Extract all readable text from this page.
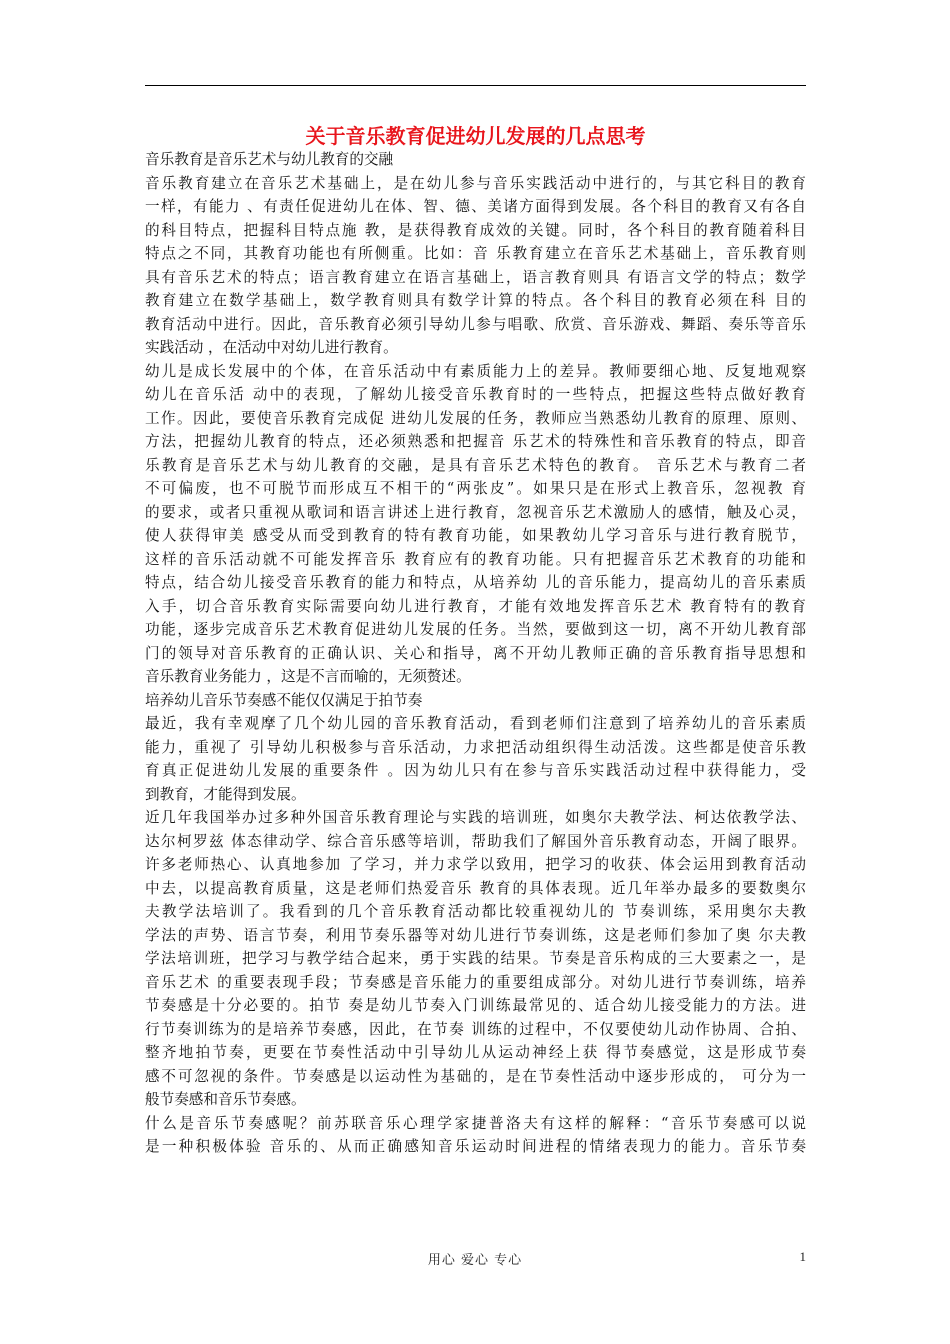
关于音乐教育促进幼儿发展的几点思考
音乐教育是音乐艺术与幼儿教育的交融
音乐教育建立在音乐艺术基础上，是在幼儿参与音乐实践活动中进行的，与其它科目的教育
一样，有能力 、有责任促进幼儿在体、智、德、美诸方面得到发展。各个科目的教育又有各自
的科目特点，把握科目特点施 教，是获得教育成效的关键。同时，各个科目的教育随着科目
特点之不同，其教育功能也有所侧重。比如：音 乐教育建立在音乐艺术基础上，音乐教育则
具有音乐艺术的特点；语言教育建立在语言基础上，语言教育则具 有语言文学的特点；数学
教育建立在数学基础上，数学教育则具有数学计算的特点。各个科目的教育必须在科 目的
教育活动中进行。因此，音乐教育必须引导幼儿参与唱歌、欣赏、音乐游戏、舞蹈、奏乐等音乐
实践活动 ，在活动中对幼儿进行教育。
幼儿是成长发展中的个体，在音乐活动中有素质能力上的差异。教师要细心地、反复地观察
幼儿在音乐活 动中的表现，了解幼儿接受音乐教育时的一些特点，把握这些特点做好教育
工作。因此，要使音乐教育完成促 进幼儿发展的任务，教师应当熟悉幼儿教育的原理、原则、
方法，把握幼儿教育的特点，还必须熟悉和把握音 乐艺术的特殊性和音乐教育的特点，即音
乐教育是音乐艺术与幼儿教育的交融，是具有音乐艺术特色的教育。 音乐艺术与教育二者
不可偏废，也不可脱节而形成互不相干的“两张皮”。如果只是在形式上教音乐，忽视教 育
的要求，或者只重视从歌词和语言讲述上进行教育，忽视音乐艺术激励人的感情，触及心灵，
使人获得审美 感受从而受到教育的特有教育功能，如果教幼儿学习音乐与进行教育脱节，
这样的音乐活动就不可能发挥音乐 教育应有的教育功能。只有把握音乐艺术教育的功能和
特点，结合幼儿接受音乐教育的能力和特点，从培养幼 儿的音乐能力，提高幼儿的音乐素质
入手，切合音乐教育实际需要向幼儿进行教育，才能有效地发挥音乐艺术 教育特有的教育
功能，逐步完成音乐艺术教育促进幼儿发展的任务。当然，要做到这一切，离不开幼儿教育部
门的领导对音乐教育的正确认识、关心和指导，离不开幼儿教师正确的音乐教育指导思想和
音乐教育业务能力 ，这是不言而喻的，无须赘述。
培养幼儿音乐节奏感不能仅仅满足于拍节奏
最近，我有幸观摩了几个幼儿园的音乐教育活动，看到老师们注意到了培养幼儿的音乐素质
能力，重视了 引导幼儿积极参与音乐活动，力求把活动组织得生动活泼。这些都是使音乐教
育真正促进幼儿发展的重要条件 。因为幼儿只有在参与音乐实践活动过程中获得能力，受
到教育，才能得到发展。
近几年我国举办过多种外国音乐教育理论与实践的培训班，如奥尔夫教学法、柯达依教学法、
达尔柯罗兹 体态律动学、综合音乐感等培训，帮助我们了解国外音乐教育动态，开阔了眼界。
许多老师热心、认真地参加 了学习，并力求学以致用，把学习的收获、体会运用到教育活动
中去，以提高教育质量，这是老师们热爱音乐 教育的具体表现。近几年举办最多的要数奥尔
夫教学法培训了。我看到的几个音乐教育活动都比较重视幼儿的 节奏训练，采用奥尔夫教
学法的声势、语言节奏，利用节奏乐器等对幼儿进行节奏训练，这是老师们参加了奥 尔夫教
学法培训班，把学习与教学结合起来，勇于实践的结果。节奏是音乐构成的三大要素之一，是
音乐艺术 的重要表现手段；节奏感是音乐能力的重要组成部分。对幼儿进行节奏训练，培养
节奏感是十分必要的。拍节 奏是幼儿节奏入门训练最常见的、适合幼儿接受能力的方法。进
行节奏训练为的是培养节奏感，因此，在节奏 训练的过程中，不仅要使幼儿动作协周、合拍、
整齐地拍节奏，更要在节奏性活动中引导幼儿从运动神经上获 得节奏感觉，这是形成节奏
感不可忽视的条件。节奏感是以运动性为基础的，是在节奏性活动中逐步形成的， 可分为一
般节奏感和音乐节奏感。
什么是音乐节奏感呢？前苏联音乐心理学家捷普洛夫有这样的解释：“音乐节奏感可以说
是一种积极体验 音乐的、从而正确感知音乐运动时间进程的情绪表现力的能力。音乐节奏
用心 爱心 专心	1
